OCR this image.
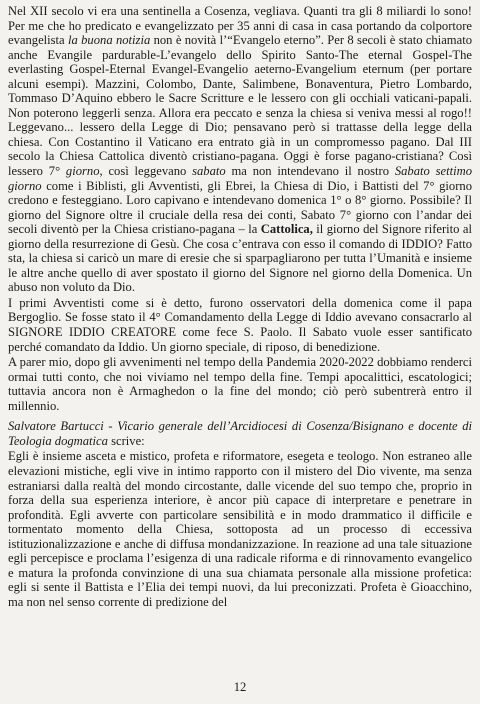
Nel XII secolo vi era una sentinella a Cosenza, vegliava. Quanti tra gli 8 miliardi lo sono! Per me che ho predicato e evangelizzato per 35 anni di casa in casa portando da colportore evangelista la buona notizia non è novità l’“Evangelo eterno”. Per 8 secoli è stato chiamato anche Evangile pardurable-L’evangelo dello Spirito Santo-The eternal Gospel-The everlasting Gospel-Eternal Evangel-Evangelio aeterno-Evangelium eternum (per portare alcuni esempi). Mazzini, Colombo, Dante, Salimbene, Bonaventura, Pietro Lombardo, Tommaso D’Aquino ebbero le Sacre Scritture e le lessero con gli occhiali vaticani-papali. Non poterono leggerli senza. Allora era peccato e senza la chiesa si veniva messi al rogo!! Leggevano... lessero della Legge di Dio; pensavano però si trattasse della legge della chiesa. Con Costantino il Vaticano era entrato già in un compromesso pagano. Dal III secolo la Chiesa Cattolica diventò cristiano-pagana. Oggi è forse pagano-cristiana? Così lessero 7° giorno, così leggevano sabato ma non intendevano il nostro Sabato settimo giorno come i Biblisti, gli Avventisti, gli Ebrei, la Chiesa di Dio, i Battisti del 7° giorno credono e festeggiano. Loro capivano e intendevano domenica 1° o 8° giorno. Possibile? Il giorno del Signore oltre il cruciale della resa dei conti, Sabato 7° giorno con l’andar dei secoli diventò per la Chiesa cristiano-pagana – la Cattolica, il giorno del Signore riferito al giorno della resurrezione di Gesù. Che cosa c’entrava con esso il comando di IDDIO? Fatto sta, la chiesa si caricò un mare di eresie che si sparpagliarono per tutta l’Umanità e insieme le altre anche quello di aver spostato il giorno del Signore nel giorno della Domenica. Un abuso non voluto da Dio.

I primi Avventisti come si è detto, furono osservatori della domenica come il papa Bergoglio. Se fosse stato il 4° Comandamento della Legge di Iddio avevano consacrarlo al SIGNORE IDDIO CREATORE come fece S. Paolo. Il Sabato vuole esser santificato perché comandato da Iddio. Un giorno speciale, di riposo, di benedizione.

A parer mio, dopo gli avvenimenti nel tempo della Pandemia 2020-2022 dobbiamo renderci ormai tutti conto, che noi viviamo nel tempo della fine. Tempi apocalittici, escatologici; tuttavia ancora non è Armaghedon o la fine del mondo; ciò però subentrerà entro il millennio.

Salvatore Bartucci - Vicario generale dell’Arcidiocesi di Cosenza/Bisignano e docente di Teologia dogmatica scrive:

Egli è insieme asceta e mistico, profeta e riformatore, esegeta e teologo. Non estraneo alle elevazioni mistiche, egli vive in intimo rapporto con il mistero del Dio vivente, ma senza estraniarsi dalla realtà del mondo circostante, dalle vicende del suo tempo che, proprio in forza della sua esperienza interiore, è ancor più capace di interpretare e penetrare in profondità. Egli avverte con particolare sensibilità e in modo drammatico il difficile e tormentato momento della Chiesa, sottoposta ad un processo di eccessiva istituzionalizzazione e anche di diffusa mondanizzazione. In reazione ad una tale situazione egli percepisce e proclama l’esigenza di una radicale riforma e di rinnovamento evangelico e matura la profonda convinzione di una sua chiamata personale alla missione profetica: egli si sente il Battista e l’Elia dei tempi nuovi, da lui preconizzati. Profeta è Gioacchino, ma non nel senso corrente di predizione del

12
